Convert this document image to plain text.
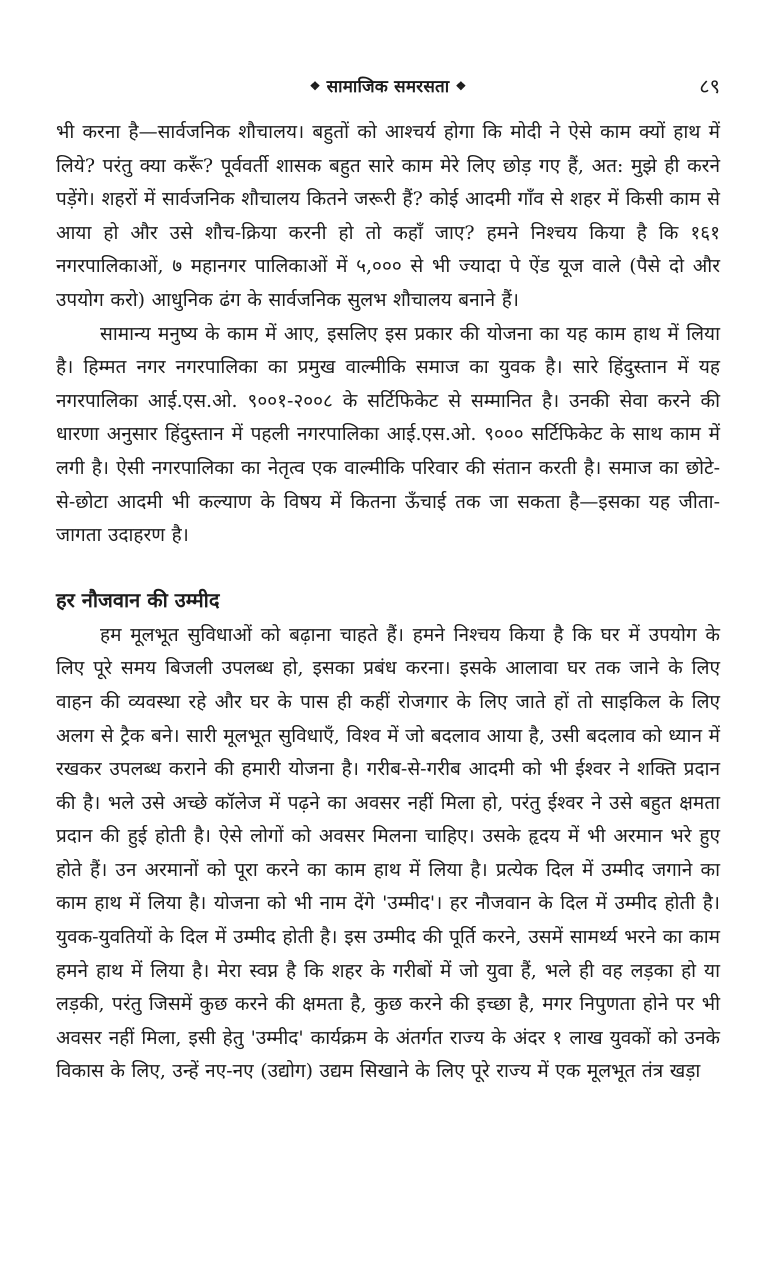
❖ सामाजिक समरसता ❖	८९

भी करना है—सार्वजनिक शौचालय। बहुतों को आश्चर्य होगा कि मोदी ने ऐसे काम क्यों हाथ में लिये? परंतु क्या करूँ? पूर्ववर्ती शासक बहुत सारे काम मेरे लिए छोड़ गए हैं, अत: मुझे ही करने पड़ेंगे। शहरों में सार्वजनिक शौचालय कितने जरूरी हैं? कोई आदमी गाँव से शहर में किसी काम से आया हो और उसे शौच-क्रिया करनी हो तो कहाँ जाए? हमने निश्चय किया है कि १६१ नगरपालिकाओं, ७ महानगर पालिकाओं में ५,००० से भी ज्यादा पे ऐंड यूज वाले (पैसे दो और उपयोग करो) आधुनिक ढंग के सार्वजनिक सुलभ शौचालय बनाने हैं।

सामान्य मनुष्य के काम में आए, इसलिए इस प्रकार की योजना का यह काम हाथ में लिया है। हिम्मत नगर नगरपालिका का प्रमुख वाल्मीकि समाज का युवक है। सारे हिंदुस्तान में यह नगरपालिका आई.एस.ओ. ९००१-२००८ के सर्टिफिकेट से सम्मानित है। उनकी सेवा करने की धारणा अनुसार हिंदुस्तान में पहली नगरपालिका आई.एस.ओ. ९००० सर्टिफिकेट के साथ काम में लगी है। ऐसी नगरपालिका का नेतृत्व एक वाल्मीकि परिवार की संतान करती है। समाज का छोटे-से-छोटा आदमी भी कल्याण के विषय में कितना ऊँचाई तक जा सकता है—इसका यह जीता-जागता उदाहरण है।

हर नौजवान की उम्मीद

हम मूलभूत सुविधाओं को बढ़ाना चाहते हैं। हमने निश्चय किया है कि घर में उपयोग के लिए पूरे समय बिजली उपलब्ध हो, इसका प्रबंध करना। इसके आलावा घर तक जाने के लिए वाहन की व्यवस्था रहे और घर के पास ही कहीं रोजगार के लिए जाते हों तो साइकिल के लिए अलग से ट्रैक बने। सारी मूलभूत सुविधाएँ, विश्व में जो बदलाव आया है, उसी बदलाव को ध्यान में रखकर उपलब्ध कराने की हमारी योजना है। गरीब-से-गरीब आदमी को भी ईश्वर ने शक्ति प्रदान की है। भले उसे अच्छे कॉलेज में पढ़ने का अवसर नहीं मिला हो, परंतु ईश्वर ने उसे बहुत क्षमता प्रदान की हुई होती है। ऐसे लोगों को अवसर मिलना चाहिए। उसके हृदय में भी अरमान भरे हुए होते हैं। उन अरमानों को पूरा करने का काम हाथ में लिया है। प्रत्येक दिल में उम्मीद जगाने का काम हाथ में लिया है। योजना को भी नाम देंगे 'उम्मीद'। हर नौजवान के दिल में उम्मीद होती है। युवक-युवतियों के दिल में उम्मीद होती है। इस उम्मीद की पूर्ति करने, उसमें सामर्थ्य भरने का काम हमने हाथ में लिया है। मेरा स्वप्न है कि शहर के गरीबों में जो युवा हैं, भले ही वह लड़का हो या लड़की, परंतु जिसमें कुछ करने की क्षमता है, कुछ करने की इच्छा है, मगर निपुणता होने पर भी अवसर नहीं मिला, इसी हेतु 'उम्मीद' कार्यक्रम के अंतर्गत राज्य के अंदर १ लाख युवकों को उनके विकास के लिए, उन्हें नए-नए (उद्योग) उद्यम सिखाने के लिए पूरे राज्य में एक मूलभूत तंत्र खड़ा
